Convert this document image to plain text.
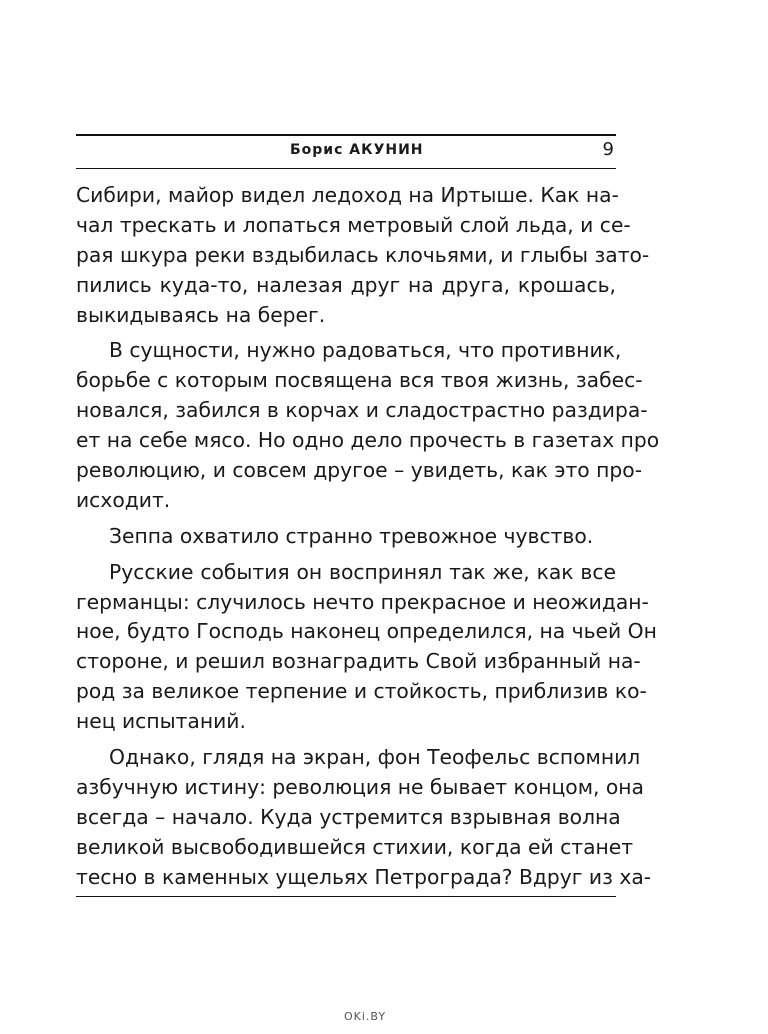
Борис АКУНИН	9
Сибири, майор видел ледоход на Иртыше. Как на-
чал трескать и лопаться метровый слой льда, и се-
рая шкура реки вздыбилась клочьями, и глыбы зато-
пились куда-то, налезая друг на друга, крошась,
выкидываясь на берег.
В сущности, нужно радоваться, что противник,
борьбе с которым посвящена вся твоя жизнь, забес-
новался, забился в корчах и сладострастно раздира-
ет на себе мясо. Но одно дело прочесть в газетах про
революцию, и совсем другое – увидеть, как это про-
исходит.
Зеппа охватило странно тревожное чувство.
Русские события он воспринял так же, как все
германцы: случилось нечто прекрасное и неожидан-
ное, будто Господь наконец определился, на чьей Он
стороне, и решил вознаградить Свой избранный на-
род за великое терпение и стойкость, приблизив ко-
нец испытаний.
Однако, глядя на экран, фон Теофельс вспомнил
азбучную истину: революция не бывает концом, она
всегда – начало. Куда устремится взрывная волна
великой высвободившейся стихии, когда ей станет
тесно в каменных ущельях Петрограда? Вдруг из ха-
OKi.BY
